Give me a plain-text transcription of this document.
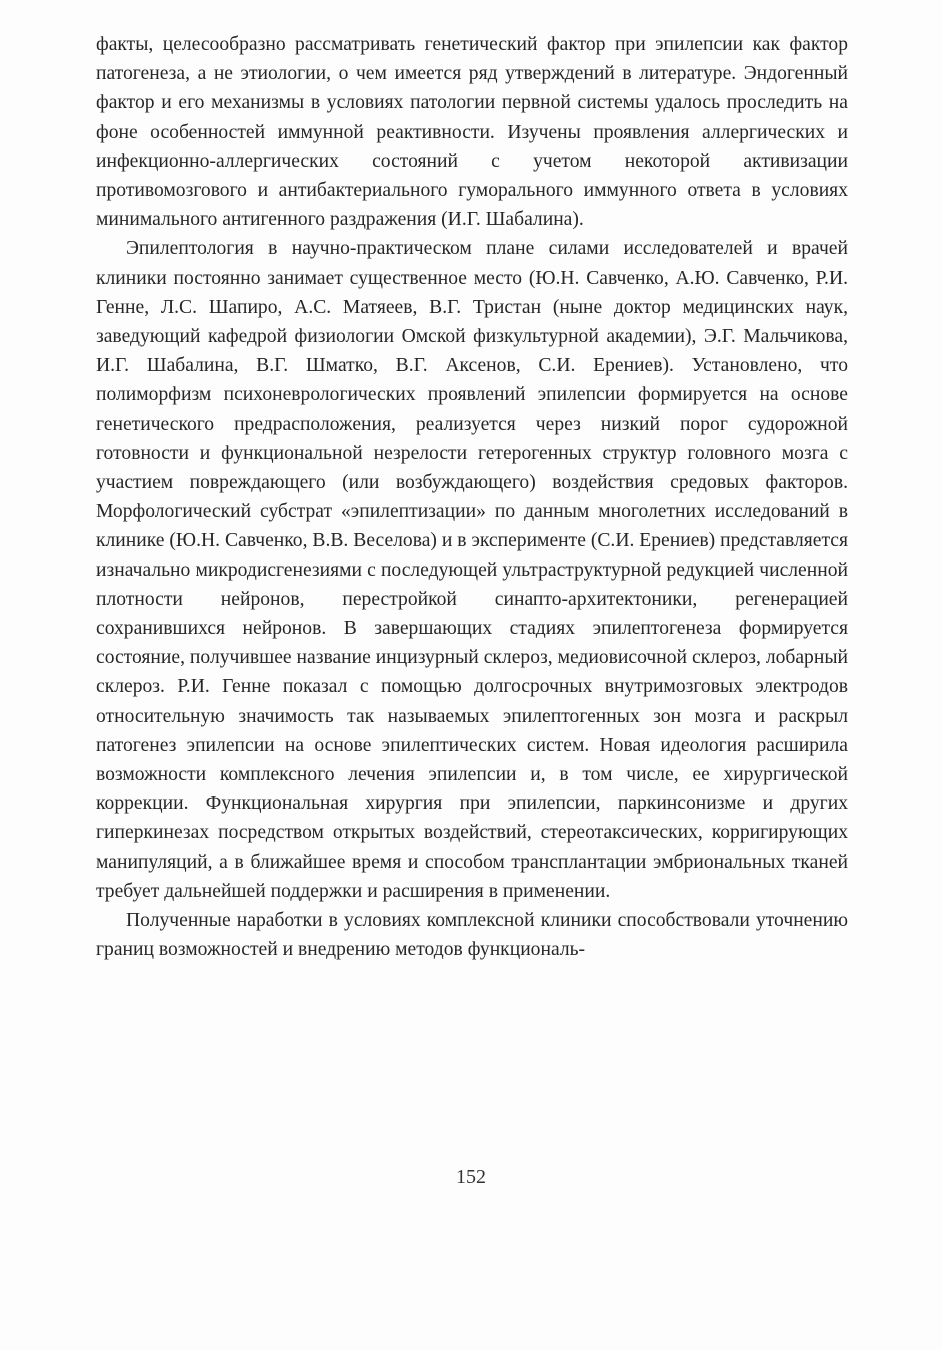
факты, целесообразно рассматривать генетический фактор при эпилепсии как фактор патогенеза, а не этиологии, о чем имеется ряд утверждений в литературе. Эндогенный фактор и его механизмы в условиях патологии первной системы удалось проследить на фоне особенностей иммунной реактивности. Изучены проявления аллергических и инфекционно-аллергических состояний с учетом некоторой активизации противомозгового и антибактериального гуморального иммунного ответа в условиях минимального антигенного раздражения (И.Г. Шабалина).

Эпилептология в научно-практическом плане силами исследователей и врачей клиники постоянно занимает существенное место (Ю.Н. Савченко, А.Ю. Савченко, Р.И. Генне, Л.С. Шапиро, А.С. Матяеев, В.Г. Тристан (ныне доктор медицинских наук, заведующий кафедрой физиологии Омской физкультурной академии), Э.Г. Мальчикова, И.Г. Шабалина, В.Г. Шматко, В.Г. Аксенов, С.И. Ерениев). Установлено, что полиморфизм психоневрологических проявлений эпилепсии формируется на основе генетического предрасположения, реализуется через низкий порог судорожной готовности и функциональной незрелости гетерогенных структур головного мозга с участием повреждающего (или возбуждающего) воздействия средовых факторов. Морфологический субстрат «эпилептизации» по данным многолетних исследований в клинике (Ю.Н. Савченко, В.В. Веселова) и в эксперименте (С.И. Ерениев) представляется изначально микродисгенезиями с последующей ультраструктурной редукцией численной плотности нейронов, перестройкой синапто-архитектоники, регенерацией сохранившихся нейронов. В завершающих стадиях эпилептогенеза формируется состояние, получившее название инцизурный склероз, медиовисочной склероз, лобарный склероз. Р.И. Генне показал с помощью долгосрочных внутримозговых электродов относительную значимость так называемых эпилептогенных зон мозга и раскрыл патогенез эпилепсии на основе эпилептических систем. Новая идеология расширила возможности комплексного лечения эпилепсии и, в том числе, ее хирургической коррекции. Функциональная хирургия при эпилепсии, паркинсонизме и других гиперкинезах посредством открытых воздействий, стереотаксических, корригирующих манипуляций, а в ближайшее время и способом трансплантации эмбриональных тканей требует дальнейшей поддержки и расширения в применении.

Полученные наработки в условиях комплексной клиники способствовали уточнению границ возможностей и внедрению методов функциональ-

152
